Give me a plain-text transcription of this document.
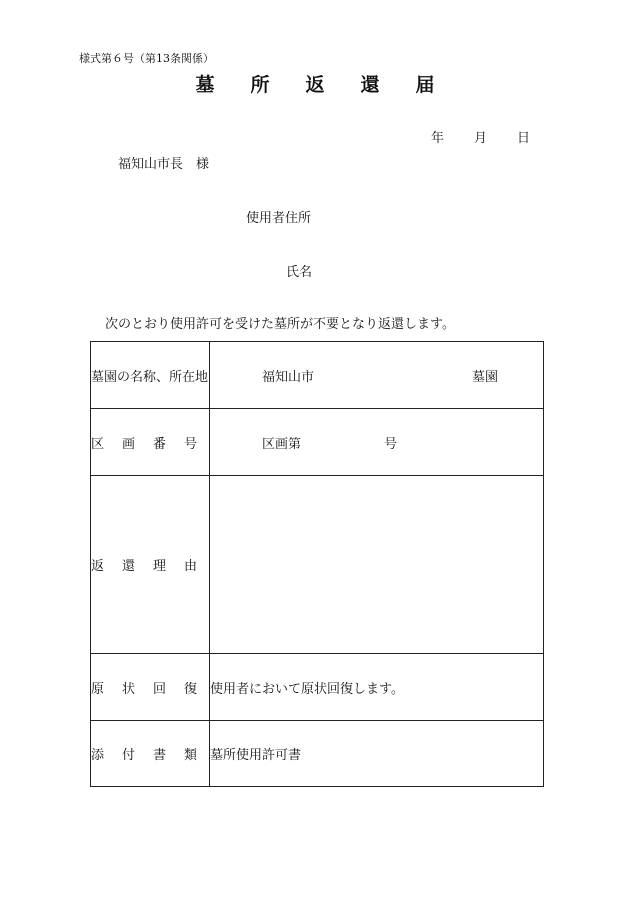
様式第６号（第13条関係）
墓 所 返 還 届
年 月 日
福知山市長　様
使用者住所
氏名
次のとおり使用許可を受けた墓所が不要となり返還します。
墓園の名称、所在地	福知山市 墓園

区 画 番 号	区画第 号

返 還 理 由	

原 状 回 復	使用者において原状回復します。

添 付 書 類	墓所使用許可書
